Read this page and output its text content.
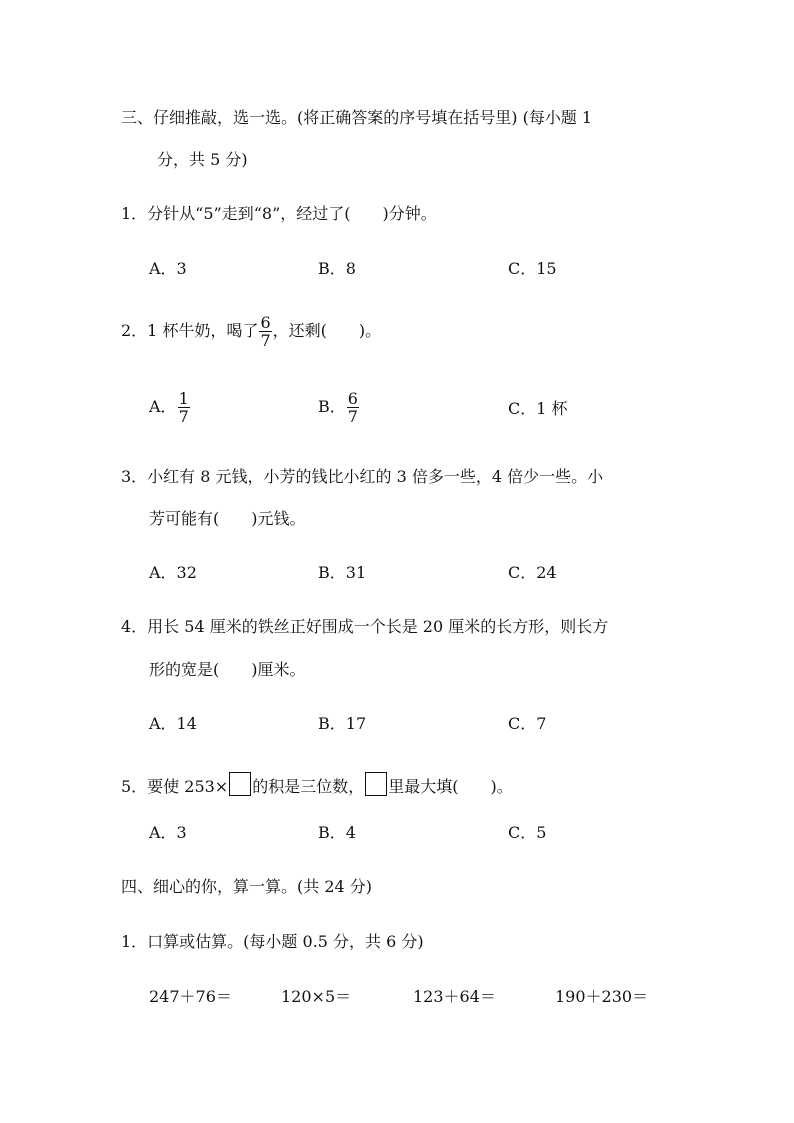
三、仔细推敲，选一选。(将正确答案的序号填在括号里) (每小题 1
分，共 5 分)
1．分针从“5”走到“8”，经过了(　　)分钟。
A．3	B．8	C．15
2．1 杯牛奶，喝了 $\frac{6}{7}$ ，还剩(　　)。
A． $\frac{1}{7}$	B． $\frac{6}{7}$	C．1 杯
3．小红有 8 元钱，小芳的钱比小红的 3 倍多一些，4 倍少一些。小
芳可能有(　　)元钱。
A．32	B．31	C．24
4．用长 54 厘米的铁丝正好围成一个长是 20 厘米的长方形，则长方
形的宽是(　　)厘米。
A．14	B．17	C．7
5．要使 253× 的积是三位数， 里最大填(　　)。
A．3	B．4	C．5
四、细心的你，算一算。(共 24 分)
1．口算或估算。(每小题 0.5 分，共 6 分)
247＋76＝	120×5＝	123＋64＝	190＋230＝
